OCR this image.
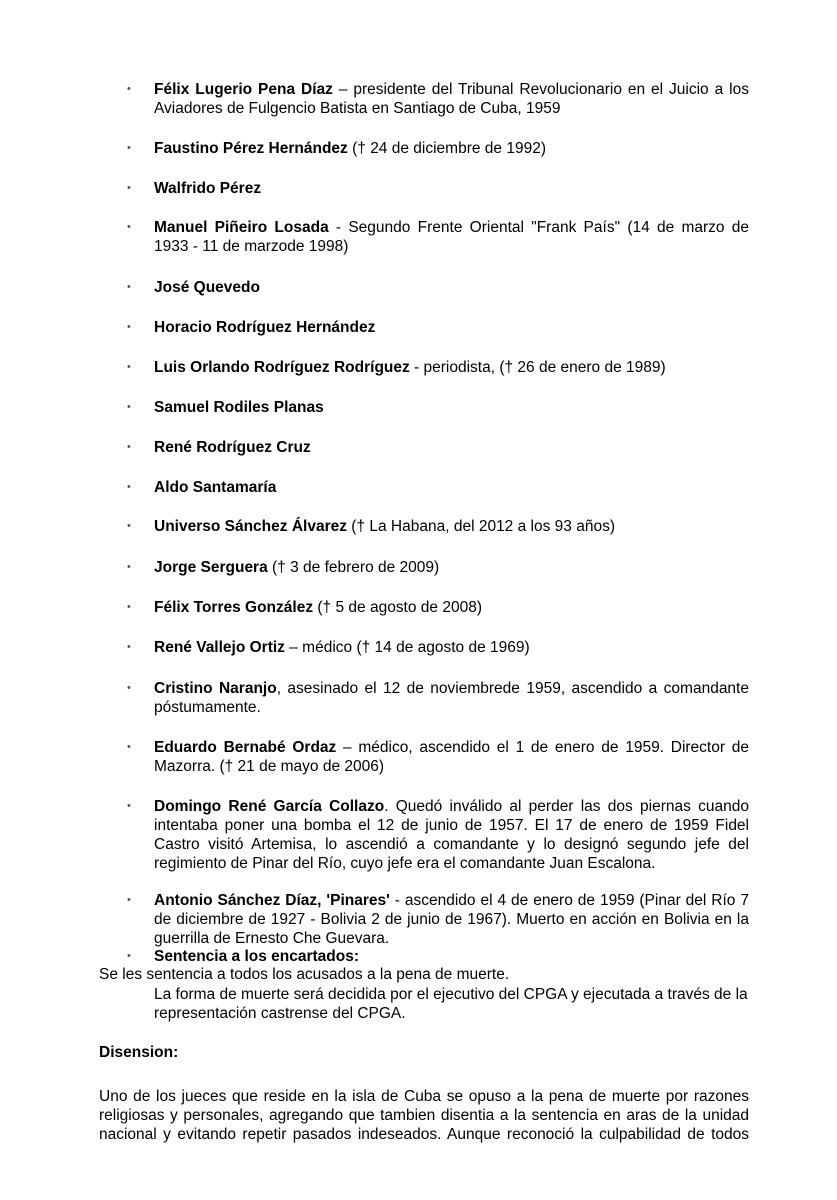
• Félix Lugerio Pena Díaz – presidente del Tribunal Revolucionario en el Juicio a los Aviadores de Fulgencio Batista en Santiago de Cuba, 1959
• Faustino Pérez Hernández († 24 de diciembre de 1992)
• Walfrido Pérez
• Manuel Piñeiro Losada - Segundo Frente Oriental "Frank País" (14 de marzo de 1933 - 11 de marzode 1998)
• José Quevedo
• Horacio Rodríguez Hernández
• Luis Orlando Rodríguez Rodríguez - periodista, († 26 de enero de 1989)
• Samuel Rodiles Planas
• René Rodríguez Cruz
• Aldo Santamaría
• Universo Sánchez Álvarez († La Habana, del 2012 a los 93 años)
• Jorge Serguera († 3 de febrero de 2009)
• Félix Torres González († 5 de agosto de 2008)
• René Vallejo Ortiz – médico († 14 de agosto de 1969)
• Cristino Naranjo, asesinado el 12 de noviembrede 1959, ascendido a comandante póstumamente.
• Eduardo Bernabé Ordaz – médico, ascendido el 1 de enero de 1959. Director de Mazorra. († 21 de mayo de 2006)
• Domingo René García Collazo. Quedó inválido al perder las dos piernas cuando intentaba poner una bomba el 12 de junio de 1957. El 17 de enero de 1959 Fidel Castro visitó Artemisa, lo ascendió a comandante y lo designó segundo jefe del regimiento de Pinar del Río, cuyo jefe era el comandante Juan Escalona.
• Antonio Sánchez Díaz, 'Pinares' - ascendido el 4 de enero de 1959 (Pinar del Río 7 de diciembre de 1927 - Bolivia 2 de junio de 1967). Muerto en acción en Bolivia en la guerrilla de Ernesto Che Guevara.
• Sentencia a los encartados:
Se les sentencia a todos los acusados a la pena de muerte.
La forma de muerte será decidida por el ejecutivo del CPGA y ejecutada a través de la representación castrense del CPGA.
Disension:
Uno de los jueces que reside en la isla de Cuba se opuso a la pena de muerte por razones religiosas y personales, agregando que tambien disentia a la sentencia en aras de la unidad nacional y evitando repetir pasados indeseados. Aunque reconoció la culpabilidad de todos
